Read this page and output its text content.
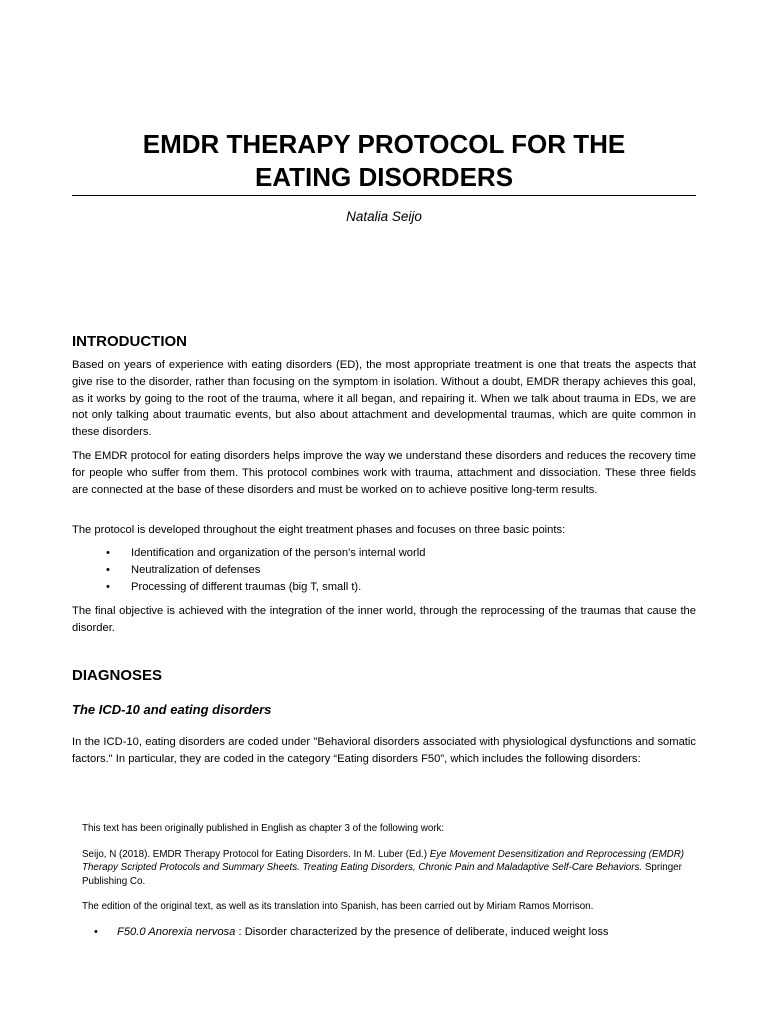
EMDR THERAPY PROTOCOL FOR THE
EATING DISORDERS
Natalia Seijo
INTRODUCTION

Based on years of experience with eating disorders (ED), the most appropriate treatment is one that treats the aspects that give rise to the disorder, rather than focusing on the symptom in isolation. Without a doubt, EMDR therapy achieves this goal, as it works by going to the root of the trauma, where it all began, and repairing it. When we talk about trauma in EDs, we are not only talking about traumatic events, but also about attachment and developmental traumas, which are quite common in these disorders.

The EMDR protocol for eating disorders helps improve the way we understand these disorders and reduces the recovery time for people who suffer from them. This protocol combines work with trauma, attachment and dissociation. These three fields are connected at the base of these disorders and must be worked on to achieve positive long-term results.

The protocol is developed throughout the eight treatment phases and focuses on three basic points:

• Identification and organization of the person's internal world
• Neutralization of defenses
• Processing of different traumas (big T, small t).

The final objective is achieved with the integration of the inner world, through the reprocessing of the traumas that cause the disorder.

DIAGNOSES
The ICD-10 and eating disorders

In the ICD-10, eating disorders are coded under "Behavioral disorders associated with physiological dysfunctions and somatic factors." In particular, they are coded in the category “Eating disorders F50”, which includes the following disorders:

This text has been originally published in English as chapter 3 of the following work:

Seijo, N (2018). EMDR Therapy Protocol for Eating Disorders. In M. Luber (Ed.) Eye Movement Desensitization and Reprocessing (EMDR) Therapy Scripted Protocols and Summary Sheets. Treating Eating Disorders, Chronic Pain and Maladaptive Self-Care Behaviors. Springer Publishing Co.

The edition of the original text, as well as its translation into Spanish, has been carried out by Miriam Ramos Morrison.

• F50.0 Anorexia nervosa : Disorder characterized by the presence of deliberate, induced weight loss
